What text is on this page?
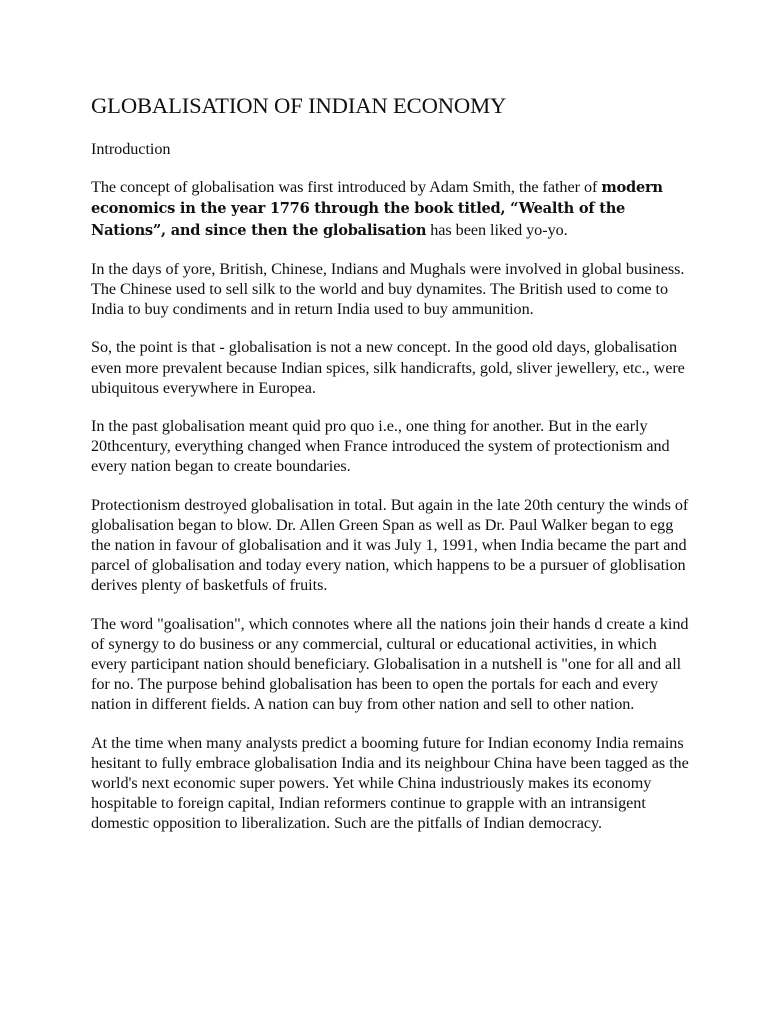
GLOBALISATION OF INDIAN ECONOMY

Introduction

The concept of globalisation was first introduced by Adam Smith, the father of modern economics in the year 1776 through the book titled, “Wealth of the Nations”, and since then the globalisation has been liked yo-yo.

In the days of yore, British, Chinese, Indians and Mughals were involved in global business. The Chinese used to sell silk to the world and buy dynamites. The British used to come to India to buy condiments and in return India used to buy ammunition.

So, the point is that - globalisation is not a new concept. In the good old days, globalisation even more prevalent because Indian spices, silk handicrafts, gold, sliver jewellery, etc., were ubiquitous everywhere in Europea.

In the past globalisation meant quid pro quo i.e., one thing for another. But in the early 20thcentury, everything changed when France introduced the system of protectionism and every nation began to create boundaries.

Protectionism destroyed globalisation in total. But again in the late 20th century the winds of globalisation began to blow. Dr. Allen Green Span as well as Dr. Paul Walker began to egg the nation in favour of globalisation and it was July 1, 1991, when India became the part and parcel of globalisation and today every nation, which happens to be a pursuer of globlisation derives plenty of basketfuls of fruits.

The word "goalisation", which connotes where all the nations join their hands d create a kind of synergy to do business or any commercial, cultural or educational activities, in which every participant nation should beneficiary. Globalisation in a nutshell is "one for all and all for no. The purpose behind globalisation has been to open the portals for each and every nation in different fields. A nation can buy from other nation and sell to other nation.

At the time when many analysts predict a booming future for Indian economy India remains hesitant to fully embrace globalisation India and its neighbour China have been tagged as the world's next economic super powers. Yet while China industriously makes its economy hospitable to foreign capital, Indian reformers continue to grapple with an intransigent domestic opposition to liberalization. Such are the pitfalls of Indian democracy.
